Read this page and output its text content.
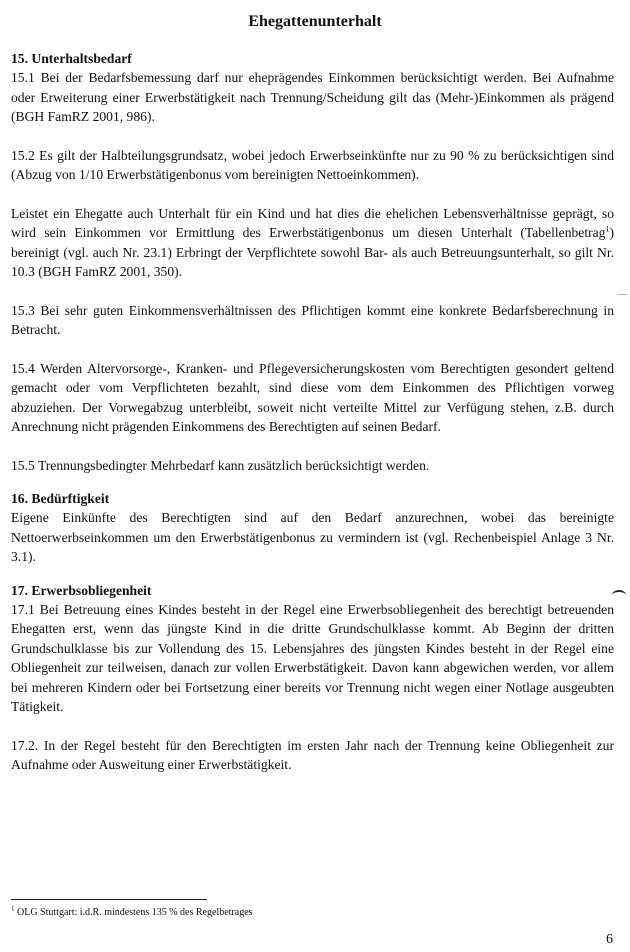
Ehegattenunterhalt

15. Unterhaltsbedarf

15.1 Bei der Bedarfsbemessung darf nur eheprägendes Einkommen berücksichtigt werden. Bei Aufnahme oder Erweiterung einer Erwerbstätigkeit nach Trennung/Scheidung gilt das (Mehr-)Einkommen als prägend (BGH FamRZ 2001, 986).

15.2 Es gilt der Halbteilungsgrundsatz, wobei jedoch Erwerbseinkünfte nur zu 90 % zu berücksichtigen sind (Abzug von 1/10 Erwerbstätigenbonus vom bereinigten Nettoeinkommen).

Leistet ein Ehegatte auch Unterhalt für ein Kind und hat dies die ehelichen Lebensverhältnisse geprägt, so wird sein Einkommen vor Ermittlung des Erwerbstätigenbonus um diesen Unterhalt (Tabellenbetrag$^1$) bereinigt (vgl. auch Nr. 23.1) Erbringt der Verpflichtete sowohl Bar- als auch Betreuungsunterhalt, so gilt Nr. 10.3 (BGH FamRZ 2001, 350).

15.3 Bei sehr guten Einkommensverhältnissen des Pflichtigen kommt eine konkrete Bedarfsberechnung in Betracht.

15.4 Werden Altervorsorge-, Kranken- und Pflegeversicherungskosten vom Berechtigten gesondert geltend gemacht oder vom Verpflichteten bezahlt, sind diese vom dem Einkommen des Pflichtigen vorweg abzuziehen. Der Vorwegabzug unterbleibt, soweit nicht verteilte Mittel zur Verfügung stehen, z.B. durch Anrechnung nicht prägenden Einkommens des Berechtigten auf seinen Bedarf.

15.5 Trennungsbedingter Mehrbedarf kann zusätzlich berücksichtigt werden.

16. Bedürftigkeit

Eigene Einkünfte des Berechtigten sind auf den Bedarf anzurechnen, wobei das bereinigte Nettoerwerbseinkommen um den Erwerbstätigenbonus zu vermindern ist (vgl. Rechenbeispiel Anlage 3 Nr. 3.1).

17. Erwerbsobliegenheit

17.1 Bei Betreuung eines Kindes besteht in der Regel eine Erwerbsobliegenheit des berechtigt betreuenden Ehegatten erst, wenn das jüngste Kind in die dritte Grundschulklasse kommt. Ab Beginn der dritten Grundschulklasse bis zur Vollendung des 15. Lebensjahres des jüngsten Kindes besteht in der Regel eine Obliegenheit zur teilweisen, danach zur vollen Erwerbstätigkeit. Davon kann abgewichen werden, vor allem bei mehreren Kindern oder bei Fortsetzung einer bereits vor Trennung nicht wegen einer Notlage ausgeubten Tätigkeit.

17.2. In der Regel besteht für den Berechtigten im ersten Jahr nach der Trennung keine Obliegenheit zur Aufnahme oder Ausweitung einer Erwerbstätigkeit.

$^1$ OLG Stuttgart: i.d.R. mindestens 135 % des Regelbetrages
6
